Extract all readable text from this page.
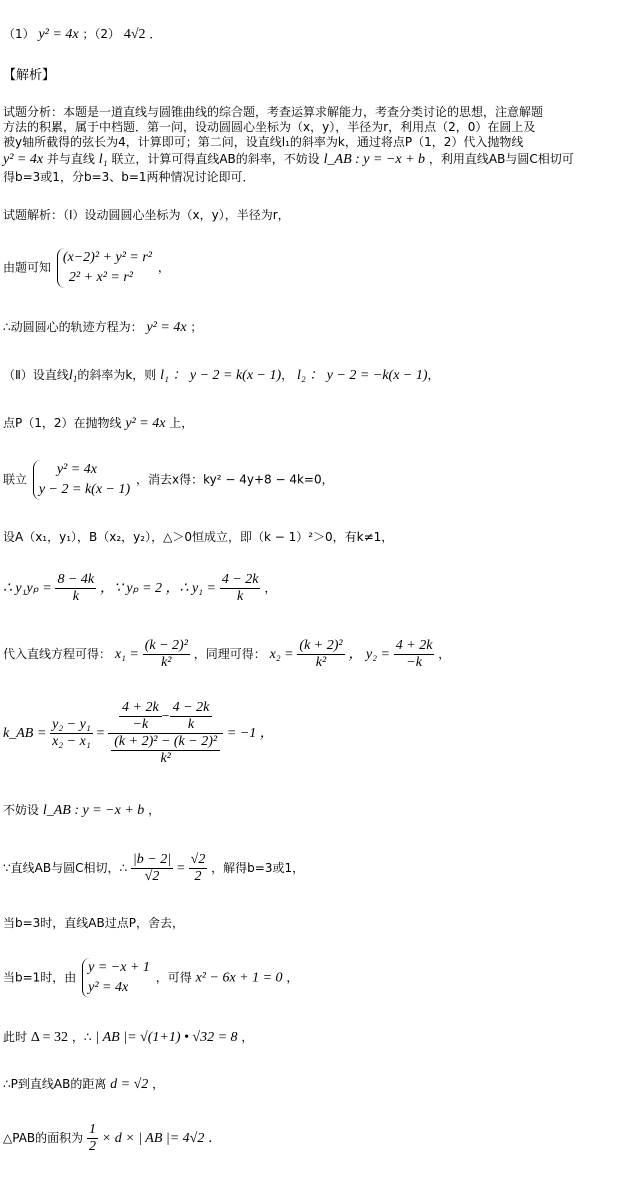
（1） y² = 4x ；（2） 4√2 ．
【解析】
试题分析：本题是一道直线与圆锥曲线的综合题，考查运算求解能力，考查分类讨论的思想，注意解题
方法的积累，属于中档题．第一问，设动圆圆心坐标为（x，y），半径为r，利用点（2，0）在圆上及
被y轴所截得的弦长为4，计算即可；第二问，设直线l₁的斜率为k，通过将点P（1，2）代入抛物线
y² = 4x 并与直线 l₁ 联立，计算可得直线AB的斜率，不妨设 l_AB : y = −x + b ，利用直线AB与圆C相切可
得b=3或1，分b=3、b=1两种情况讨论即可．
试题解析：（Ⅰ）设动圆圆心坐标为（x，y），半径为r，
由题可知 (x−2)² + y² = r²
2² + x² = r² ，
∴动圆圆心的轨迹方程为： y² = 4x ；
（Ⅱ）设直线$l_1$的斜率为k，则 l₁ ： y − 2 = k(x − 1)， l₂ ： y − 2 = −k(x − 1)，
点P（1，2）在抛物线 y² = 4x 上，
联立 y² = 4x
y − 2 = k(x − 1) ，消去x得：ky² − 4y+8 − 4k=0，
设A（x₁，y₁），B（x₂，y₂），△＞0恒成立，即（k − 1）²＞0，有k≠1，
∴ $y_1y_p = \frac{8 - 4k}{k}$ ，∵ yₚ = 2 ，∴ $y_1 = \frac{4 - 2k}{k}$ ，
代入直线方程可得： $x_1 = \frac{\text{(k − 2)²}}{\text{k²}}$ ，同理可得： $x_2 = \frac{\text{(k + 2)²}}{\text{k²}}$ ， $y_2 = \frac{4 + 2k}{-k}$ ，
k_AB = $\frac{\text{y₂ − y₁}}{\text{x₂ − x₁}} = \frac{\frac{4 + 2k}{-k} - \frac{4 - 2k}{k}}{\frac{\text{(k + 2)² − (k − 2)²}}{\text{k²}}} = -1$ ，
不妨设 l_AB : y = −x + b ，
∵直线AB与圆C相切，∴ $\frac{|b - 2|}{√2} = \frac{√2}{2}$ ，解得b=3或1，
当b=3时，直线AB过点P，舍去，
当b=1时，由 y = −x + 1
y² = 4x ，可得 x² − 6x + 1 = 0 ，
此时 Δ = 32 ，∴ | AB |= √(1+1) • √32 = 8 ，
∴P到直线AB的距离 d = √2 ，
△PAB的面积为 $\frac{1}{2} \times d$ × | AB |= 4√2 ．
